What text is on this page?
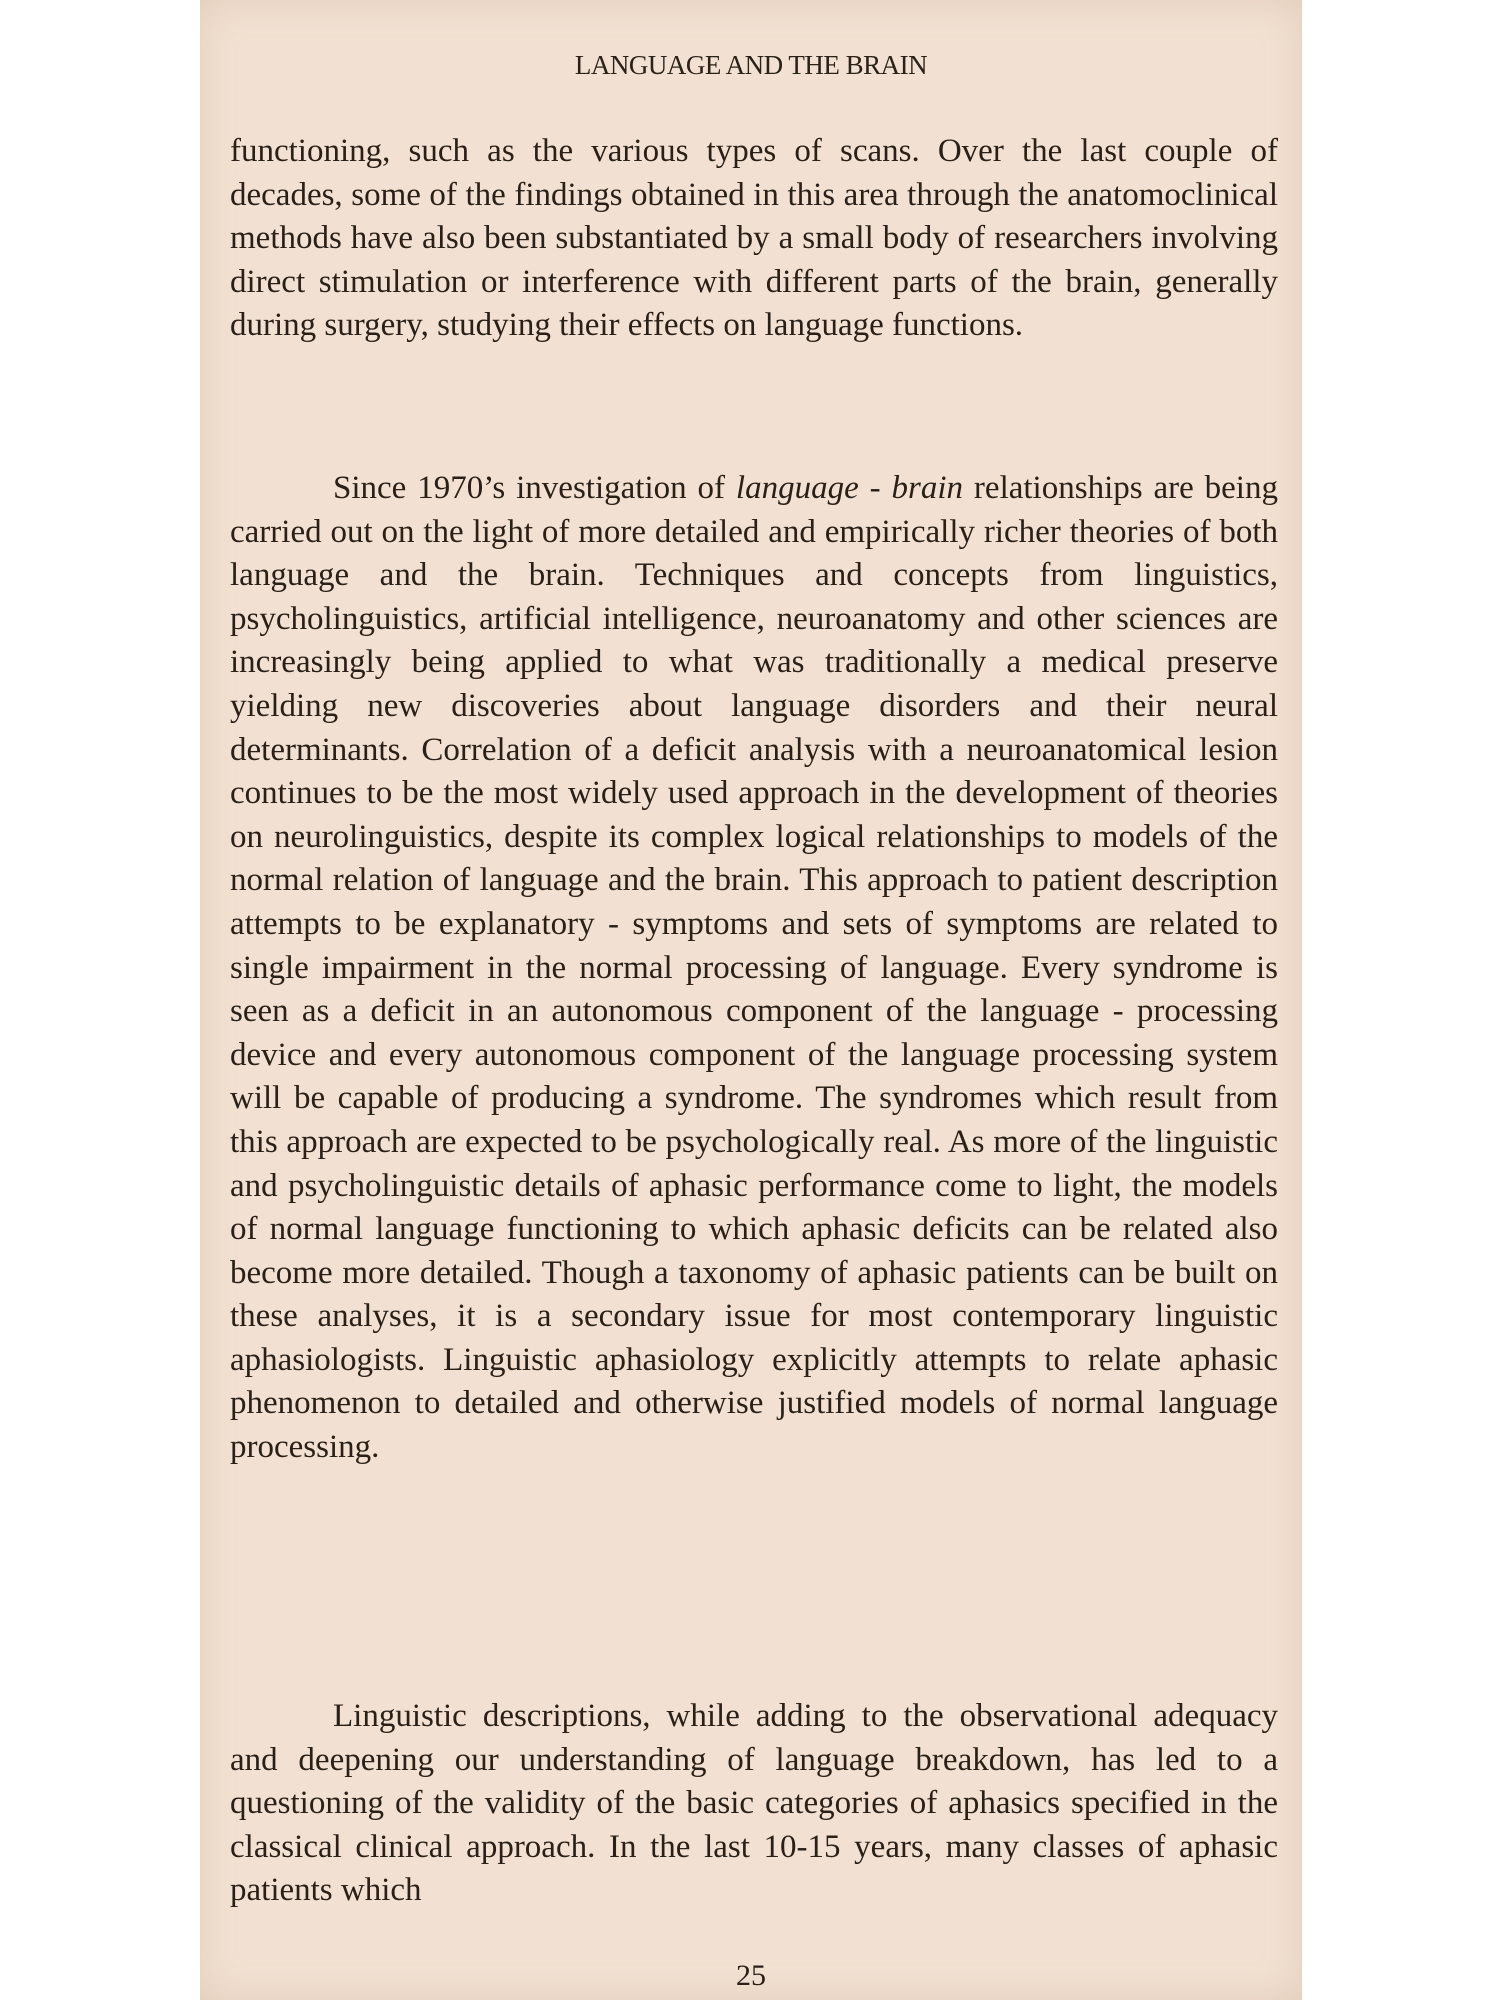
LANGUAGE AND THE BRAIN

functioning, such as the various types of scans. Over the last couple of decades, some of the findings obtained in this area through the anatomoclinical methods have also been substantiated by a small body of researchers involving direct stimulation or interference with different parts of the brain, generally during surgery, studying their effects on language functions.

Since 1970’s investigation of language - brain relationships are being carried out on the light of more detailed and empirically richer theories of both language and the brain. Techniques and concepts from linguistics, psycholinguistics, artificial intelligence, neuroanatomy and other sciences are increasingly being applied to what was traditionally a medical preserve yielding new discoveries about language disorders and their neural determinants. Correlation of a deficit analysis with a neuroanatomical lesion continues to be the most widely used approach in the development of theories on neurolinguistics, despite its complex logical relationships to models of the normal relation of language and the brain. This approach to patient description attempts to be explanatory - symptoms and sets of symptoms are related to single impairment in the normal processing of language. Every syndrome is seen as a deficit in an autonomous component of the language - processing device and every autonomous component of the language processing system will be capable of producing a syndrome. The syndromes which result from this approach are expected to be psychologically real. As more of the linguistic and psycholinguistic details of aphasic performance come to light, the models of normal language functioning to which aphasic deficits can be related also become more detailed. Though a taxonomy of aphasic patients can be built on these analyses, it is a secondary issue for most contemporary linguistic aphasiologists. Linguistic aphasiology explicitly attempts to relate aphasic phenomenon to detailed and otherwise justified models of normal language processing.

Linguistic descriptions, while adding to the observational adequacy and deepening our understanding of language breakdown, has led to a questioning of the validity of the basic categories of aphasics specified in the classical clinical approach. In the last 10-15 years, many classes of aphasic patients which

25
